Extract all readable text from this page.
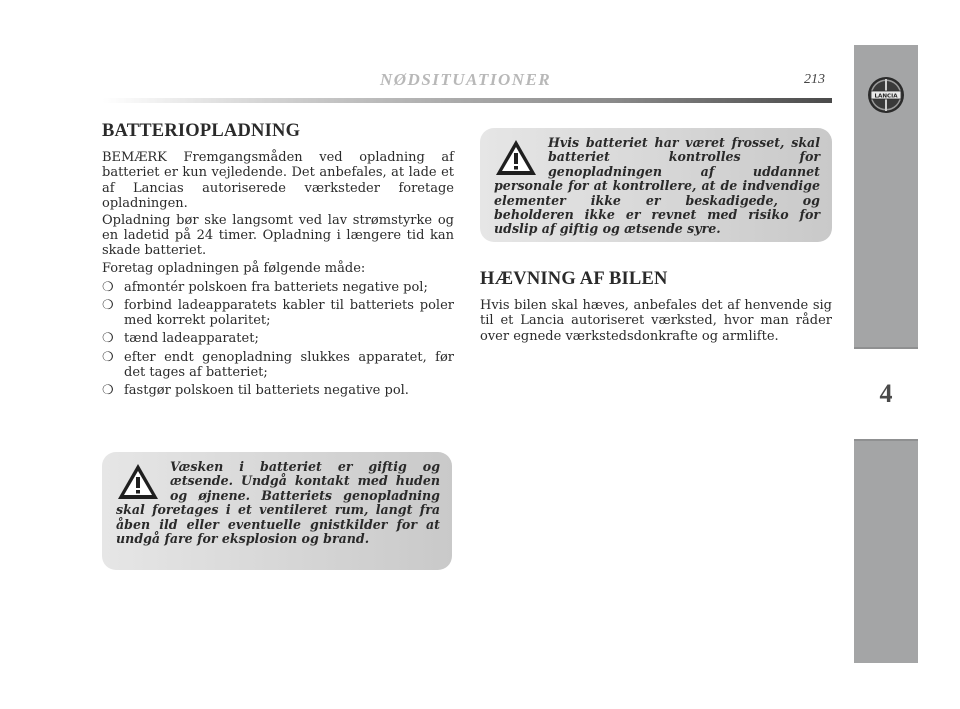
LANCIA
4
NØDSITUATIONER	213
BATTERIOPLADNING

BEMÆRK Fremgangsmåden ved opladning af batteriet er kun vejledende. Det anbefales, at lade et af Lancias autoriserede værksteder foretage opladningen.

Opladning bør ske langsomt ved lav strømstyrke og en ladetid på 24 timer. Opladning i længere tid kan skade batteriet.

Foretag opladningen på følgende måde:

❍ afmontér polskoen fra batteriets negative pol;
❍ forbind ladeapparatets kabler til batteriets poler med korrekt polaritet;
❍ tænd ladeapparatet;
❍ efter endt genopladning slukkes apparatet, før det tages af batteriet;
❍ fastgør polskoen til batteriets negative pol.

Væsken i batteriet er giftig og ætsende. Undgå kontakt med huden og øjnene. Batteriets genopladning skal foretages i et ventileret rum, langt fra åben ild eller eventuelle gnistkilder for at undgå fare for eksplosion og brand.

Hvis batteriet har været frosset, skal batteriet kontrolles for genopladningen af uddannet personale for at kontrollere, at de indvendige elementer ikke er beskadigede, og beholderen ikke er revnet med risiko for udslip af giftig og ætsende syre.

HÆVNING AF BILEN

Hvis bilen skal hæves, anbefales det af henvende sig til et Lancia autoriseret værksted, hvor man råder over egnede værkstedsdonkrafte og armlifte.
